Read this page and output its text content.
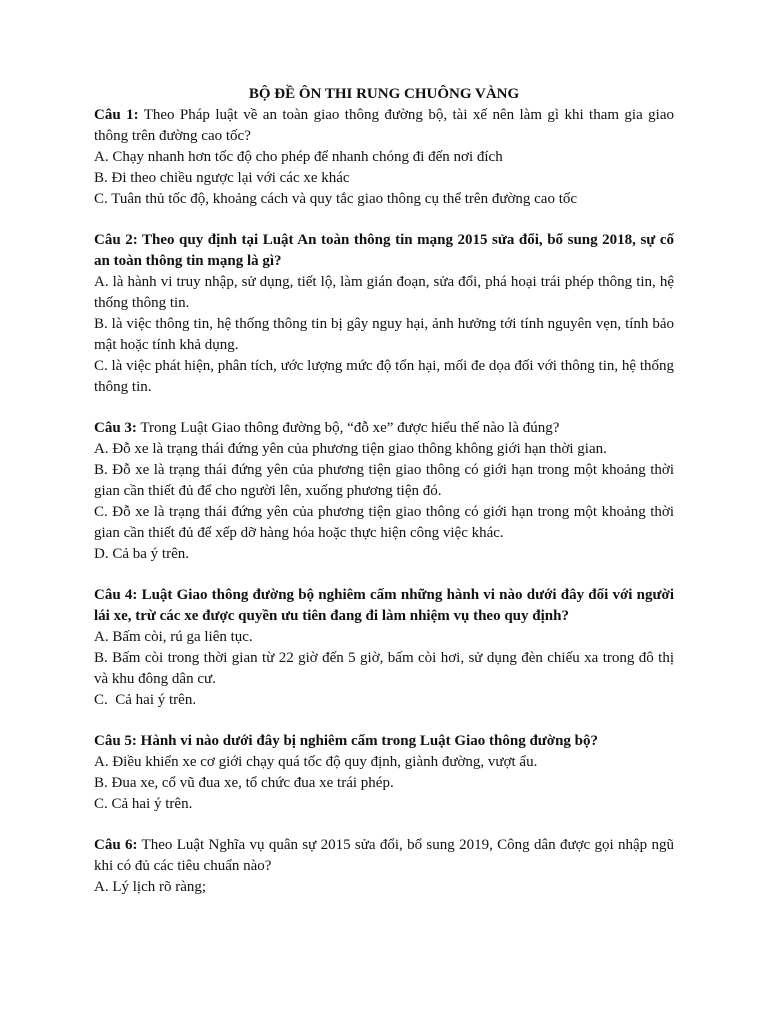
BỘ ĐỀ ÔN THI RUNG CHUÔNG VÀNG

Câu 1: Theo Pháp luật về an toàn giao thông đường bộ, tài xế nên làm gì khi tham gia giao thông trên đường cao tốc?

A. Chạy nhanh hơn tốc độ cho phép để nhanh chóng đi đến nơi đích

B. Đi theo chiều ngược lại với các xe khác

C. Tuân thủ tốc độ, khoảng cách và quy tắc giao thông cụ thể trên đường cao tốc

Câu 2: Theo quy định tại Luật An toàn thông tin mạng 2015 sửa đổi, bổ sung 2018, sự cố an toàn thông tin mạng là gì?

A. là hành vi truy nhập, sử dụng, tiết lộ, làm gián đoạn, sửa đổi, phá hoại trái phép thông tin, hệ thống thông tin.

B. là việc thông tin, hệ thống thông tin bị gây nguy hại, ảnh hưởng tới tính nguyên vẹn, tính bảo mật hoặc tính khả dụng.

C. là việc phát hiện, phân tích, ước lượng mức độ tổn hại, mối đe dọa đối với thông tin, hệ thống thông tin.

Câu 3: Trong Luật Giao thông đường bộ, “đỗ xe” được hiểu thế nào là đúng?

A. Đỗ xe là trạng thái đứng yên của phương tiện giao thông không giới hạn thời gian.

B. Đỗ xe là trạng thái đứng yên của phương tiện giao thông có giới hạn trong một khoảng thời gian cần thiết đủ để cho người lên, xuống phương tiện đó.

C. Đỗ xe là trạng thái đứng yên của phương tiện giao thông có giới hạn trong một khoảng thời gian cần thiết đủ để xếp dỡ hàng hóa hoặc thực hiện công việc khác.

D. Cả ba ý trên.

Câu 4: Luật Giao thông đường bộ nghiêm cấm những hành vi nào dưới đây đối với người lái xe, trừ các xe được quyền ưu tiên đang đi làm nhiệm vụ theo quy định?

A. Bấm còi, rú ga liên tục.

B. Bấm còi trong thời gian từ 22 giờ đến 5 giờ, bấm còi hơi, sử dụng đèn chiếu xa trong đô thị và khu đông dân cư.

C.  Cả hai ý trên.

Câu 5: Hành vi nào dưới đây bị nghiêm cấm trong Luật Giao thông đường bộ?

A. Điều khiển xe cơ giới chạy quá tốc độ quy định, giành đường, vượt ẩu.

B. Đua xe, cổ vũ đua xe, tổ chức đua xe trái phép.

C. Cả hai ý trên.

Câu 6: Theo Luật Nghĩa vụ quân sự 2015 sửa đổi, bổ sung 2019, Công dân được gọi nhập ngũ khi có đủ các tiêu chuẩn nào?

A. Lý lịch rõ ràng;
